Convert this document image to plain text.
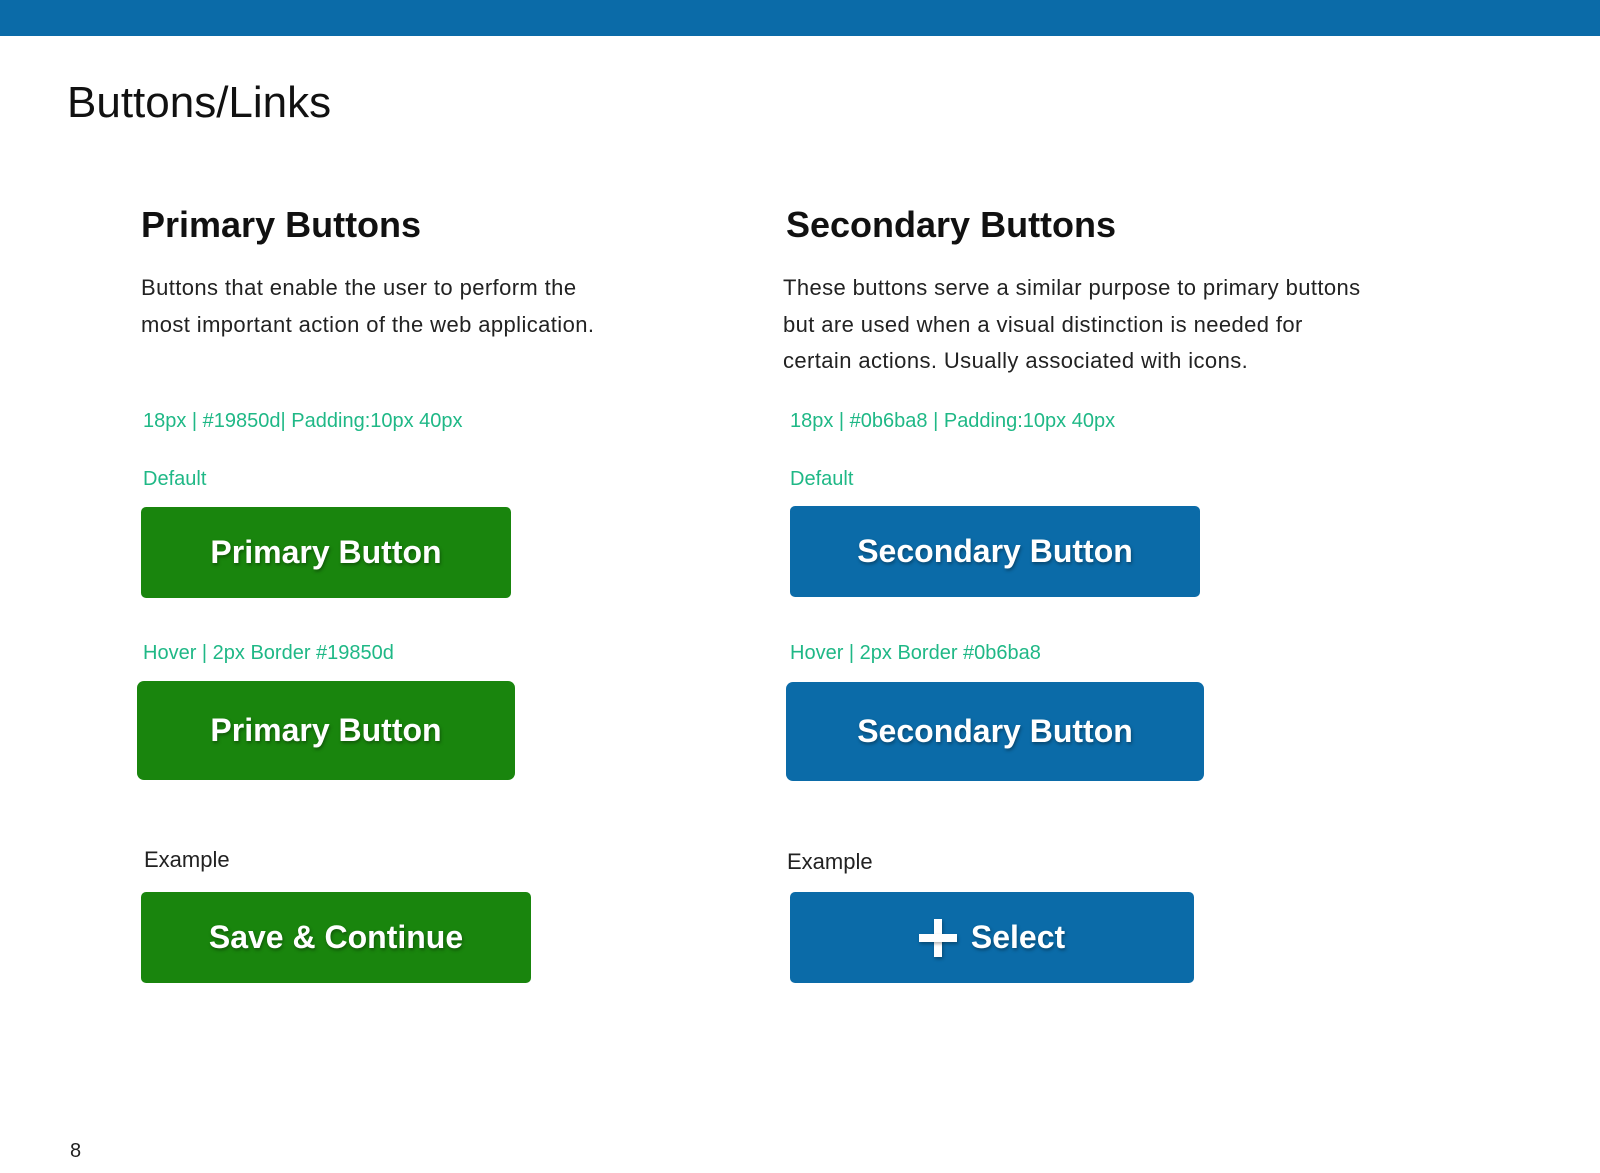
Buttons/Links
Primary Buttons
Buttons that enable the user to perform the
most important action of the web application.
18px | #19850d| Padding:10px 40px
Default
Primary Button
Hover | 2px Border #19850d
Primary Button
Example
Save & Continue
Secondary Buttons
These buttons serve a similar purpose to primary buttons
but are used when a visual distinction is needed for
certain actions. Usually associated with icons.
18px | #0b6ba8 | Padding:10px 40px
Default
Secondary Button
Hover | 2px Border #0b6ba8
Secondary Button
Example
Select
8
